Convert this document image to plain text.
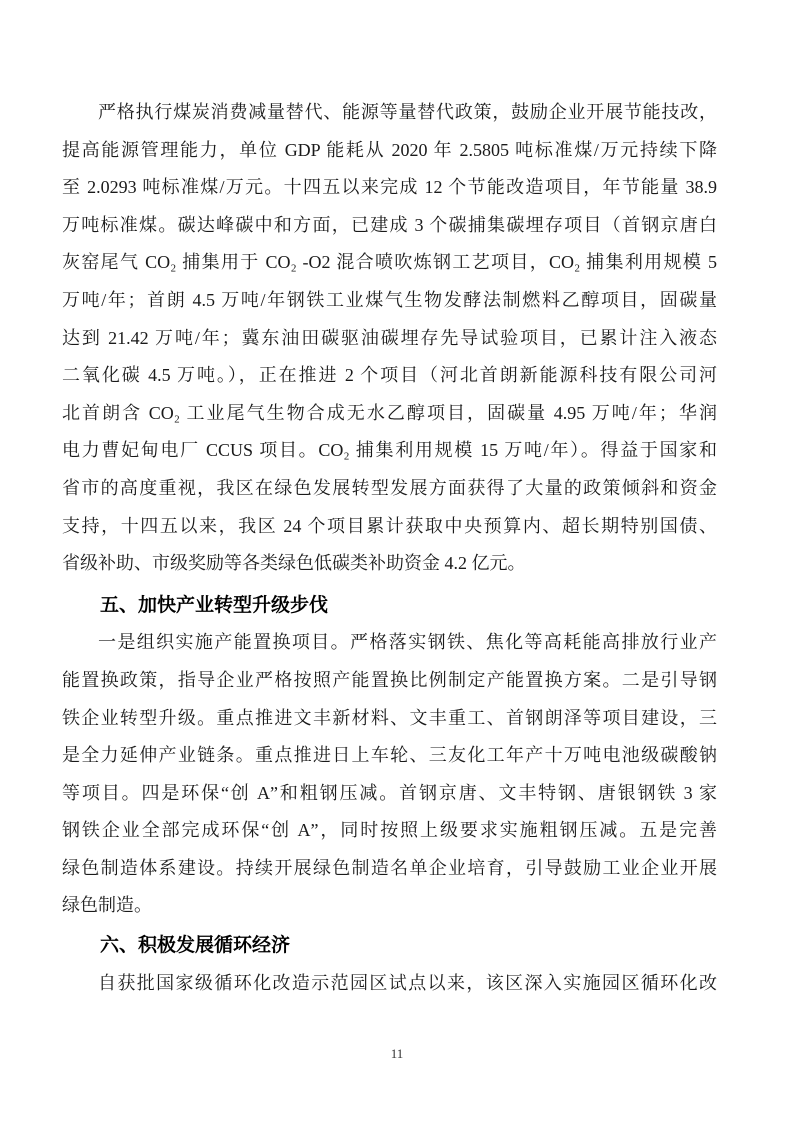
严格执行煤炭消费减量替代、能源等量替代政策，鼓励企业开展节能技改，
提高能源管理能力，单位 GDP 能耗从 2020 年 2.5805 吨标准煤/万元持续下降
至 2.0293 吨标准煤/万元。十四五以来完成 12 个节能改造项目，年节能量 38.9
万吨标准煤。碳达峰碳中和方面，已建成 3 个碳捕集碳埋存项目（首钢京唐白
灰窑尾气 CO₂ 捕集用于 CO₂ -O2 混合喷吹炼钢工艺项目，CO₂ 捕集利用规模 5
万吨/年；首朗 4.5 万吨/年钢铁工业煤气生物发酵法制燃料乙醇项目，固碳量
达到 21.42 万吨/年；冀东油田碳驱油碳埋存先导试验项目，已累计注入液态
二氧化碳 4.5 万吨。），正在推进 2 个项目（河北首朗新能源科技有限公司河
北首朗含 CO₂ 工业尾气生物合成无水乙醇项目，固碳量 4.95 万吨/年；华润
电力曹妃甸电厂 CCUS 项目。CO₂ 捕集利用规模 15 万吨/年）。得益于国家和
省市的高度重视，我区在绿色发展转型发展方面获得了大量的政策倾斜和资金
支持，十四五以来，我区 24 个项目累计获取中央预算内、超长期特别国债、
省级补助、市级奖励等各类绿色低碳类补助资金 4.2 亿元。
五、加快产业转型升级步伐
一是组织实施产能置换项目。严格落实钢铁、焦化等高耗能高排放行业产
能置换政策，指导企业严格按照产能置换比例制定产能置换方案。二是引导钢
铁企业转型升级。重点推进文丰新材料、文丰重工、首钢朗泽等项目建设，三
是全力延伸产业链条。重点推进日上车轮、三友化工年产十万吨电池级碳酸钠
等项目。四是环保“创 A”和粗钢压减。首钢京唐、文丰特钢、唐银钢铁 3 家
钢铁企业全部完成环保“创 A”，同时按照上级要求实施粗钢压减。五是完善
绿色制造体系建设。持续开展绿色制造名单企业培育，引导鼓励工业企业开展
绿色制造。
六、积极发展循环经济
自获批国家级循环化改造示范园区试点以来，该区深入实施园区循环化改
11
